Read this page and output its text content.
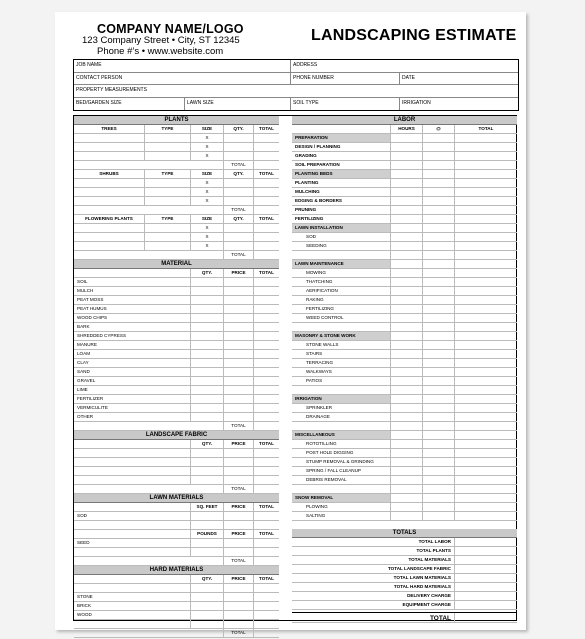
COMPANY NAME/LOGO
123 Company Street • City, ST 12345
Phone #’s • www.website.com
LANDSCAPING ESTIMATE
JOB NAME	ADDRESS
CONTACT PERSON	PHONE NUMBER	DATE
PROPERTY MEASUREMENTS
BED/GARDEN SIZE	LAWN SIZE	SOIL TYPE	IRRIGATION
PLANTS
TREES	TYPE	SIZE	QTY.	TOTAL
X
X
X
TOTAL
SHRUBS	TYPE	SIZE	QTY.	TOTAL
X
X
X
TOTAL
FLOWERING PLANTS	TYPE	SIZE	QTY.	TOTAL
X
X
X
TOTAL
MATERIAL
QTY.	PRICE	TOTAL
SOIL
MULCH
PEAT MOSS
PEAT HUMUS
WOOD CHIPS
BARK
SHREDDED CYPRESS
MANURE
LOAM
CLAY
SAND
GRAVEL
LIME
FERTILIZER
VERMICULITE
OTHER
TOTAL
LANDSCAPE FABRIC
QTY.	PRICE	TOTAL
TOTAL
LAWN MATERIALS
SQ. FEET	PRICE	TOTAL
SOD
POUNDS	PRICE	TOTAL
SEED
TOTAL
HARD MATERIALS
QTY.	PRICE	TOTAL
STONE
BRICK
WOOD
TOTAL
LABOR
HOURS	@	TOTAL
PREPARATION
DESIGN / PLANNING
GRADING
SOIL PREPARATION
PLANTING BEDS
PLANTING
MULCHING
EDGING & BORDERS
PRUNING
FERTILIZING
LAWN INSTALLATION
SOD
SEEDING
LAWN MAINTENANCE
MOWING
THATCHING
AERIFICATION
RAKING
FERTILIZING
WEED CONTROL
MASONRY & STONE WORK
STONE WALLS
STAIRS
TERRACING
WALKWAYS
PATIOS
IRRIGATION
SPRINKLER
DRAINAGE
MISCELLANEOUS
ROTOTILLING
POST HOLE DIGGING
STUMP REMOVAL & GRINDING
SPRING / FALL CLEANUP
DEBRIS REMOVAL
SNOW REMOVAL
PLOWING
SALTING
TOTALS
TOTAL LABOR
TOTAL PLANTS
TOTAL MATERIALS
TOTAL LANDSCAPE FABRIC
TOTAL LAWN MATERIALS
TOTAL HARD MATERIALS
DELIVERY CHARGE
EQUIPMENT CHARGE
TOTAL
